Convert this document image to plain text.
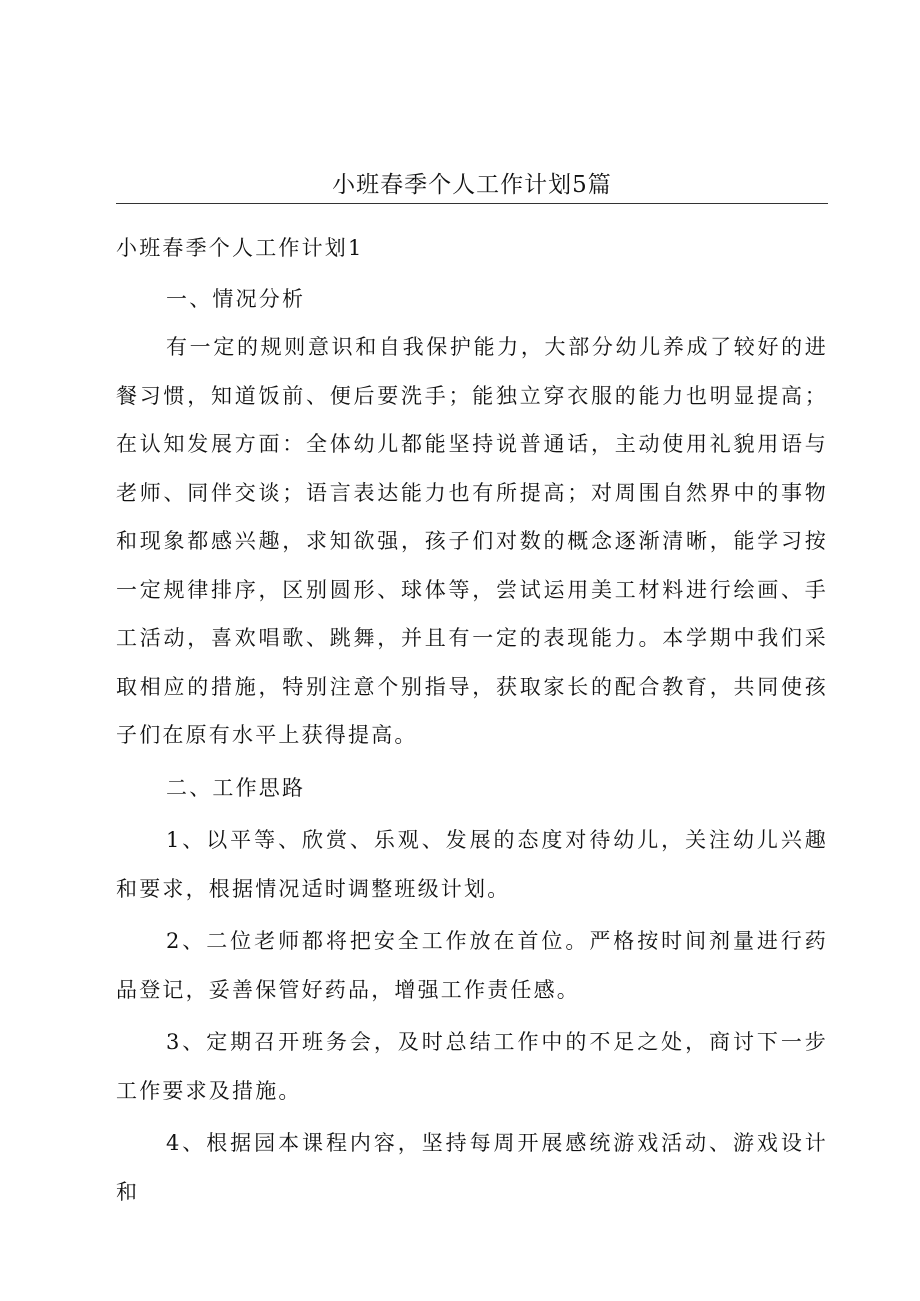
小班春季个人工作计划5篇

小班春季个人工作计划1

一、情况分析

有一定的规则意识和自我保护能力，大部分幼儿养成了较好的进餐习惯，知道饭前、便后要洗手；能独立穿衣服的能力也明显提高；在认知发展方面：全体幼儿都能坚持说普通话，主动使用礼貌用语与老师、同伴交谈；语言表达能力也有所提高；对周围自然界中的事物和现象都感兴趣，求知欲强，孩子们对数的概念逐渐清晰，能学习按一定规律排序，区别圆形、球体等，尝试运用美工材料进行绘画、手工活动，喜欢唱歌、跳舞，并且有一定的表现能力。本学期中我们采取相应的措施，特别注意个别指导，获取家长的配合教育，共同使孩子们在原有水平上获得提高。

二、工作思路

1、以平等、欣赏、乐观、发展的态度对待幼儿，关注幼儿兴趣和要求，根据情况适时调整班级计划。

2、二位老师都将把安全工作放在首位。严格按时间剂量进行药品登记，妥善保管好药品，增强工作责任感。

3、定期召开班务会，及时总结工作中的不足之处，商讨下一步工作要求及措施。

4、根据园本课程内容，坚持每周开展感统游戏活动、游戏设计和
